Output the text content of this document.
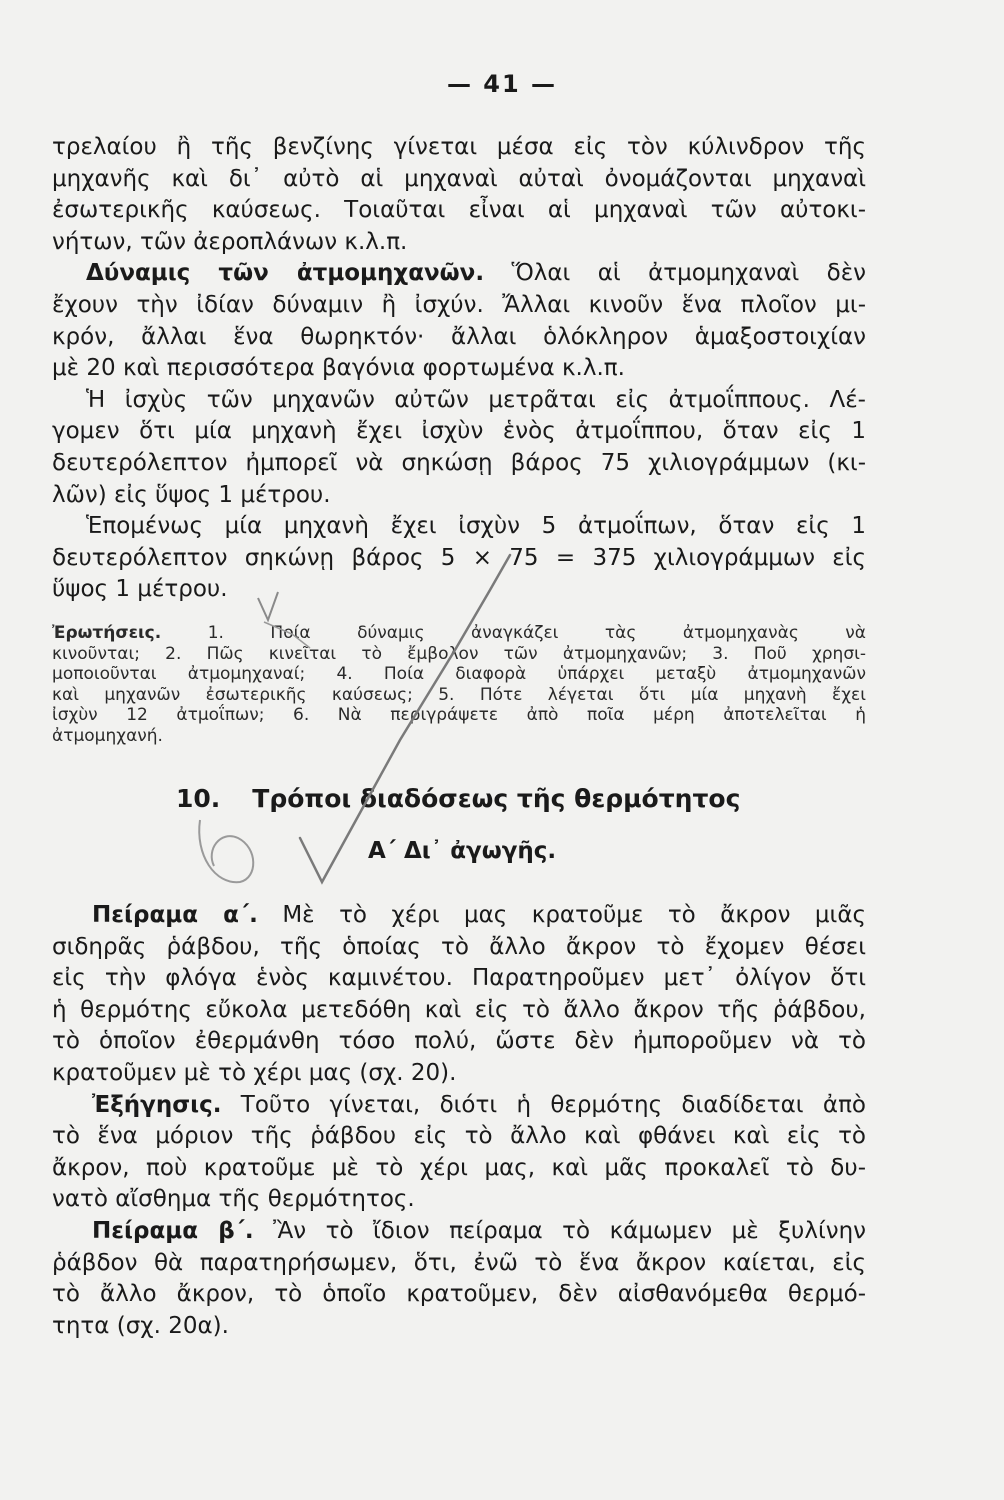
— 41 —
τρελαίου ἢ τῆς βενζίνης γίνεται μέσα εἰς τὸν κύλινδρον τῆς
μηχανῆς καὶ δι᾽ αὐτὸ αἱ μηχαναὶ αὐταὶ ὀνομάζονται μηχαναὶ
ἐσωτερικῆς καύσεως. Τοιαῦται εἶναι αἱ μηχαναὶ τῶν αὐτοκι-
νήτων, τῶν ἀεροπλάνων κ.λ.π.
Δύναμις τῶν ἀτμομηχανῶν. Ὅλαι αἱ ἀτμομηχαναὶ δὲν
ἔχουν τὴν ἰδίαν δύναμιν ἢ ἰσχύν. Ἄλλαι κινοῦν ἕνα πλοῖον μι-
κρόν, ἄλλαι ἕνα θωρηκτόν· ἄλλαι ὁλόκληρον ἁμαξοστοιχίαν
μὲ 20 καὶ περισσότερα βαγόνια φορτωμένα κ.λ.π.
Ἡ ἰσχὺς τῶν μηχανῶν αὐτῶν μετρᾶται εἰς ἀτμοΐππους. Λέ-
γομεν ὅτι μία μηχανὴ ἔχει ἰσχὺν ἑνὸς ἀτμοΐππου, ὅταν εἰς 1
δευτερόλεπτον ἠμπορεῖ νὰ σηκώσῃ βάρος 75 χιλιογράμμων (κι-
λῶν) εἰς ὕψος 1 μέτρου.
Ἑπομένως μία μηχανὴ ἔχει ἰσχὺν 5 ἀτμοΐπων, ὅταν εἰς 1
δευτερόλεπτον σηκώνῃ βάρος 5 × 75 = 375 χιλιογράμμων εἰς
ὕψος 1 μέτρου.
Ἐρωτήσεις. 1. Ποία δύναμις ἀναγκάζει τὰς ἀτμομηχανὰς νὰ
κινοῦνται; 2. Πῶς κινεῖται τὸ ἔμβολον τῶν ἀτμομηχανῶν; 3. Ποῦ χρησι-
μοποιοῦνται ἀτμομηχαναί; 4. Ποία διαφορὰ ὑπάρχει μεταξὺ ἀτμομηχανῶν
καὶ μηχανῶν ἐσωτερικῆς καύσεως; 5. Πότε λέγεται ὅτι μία μηχανὴ ἔχει
ἰσχὺν 12 ἀτμοΐπων; 6. Νὰ περιγράψετε ἀπὸ ποῖα μέρη ἀποτελεῖται ἡ
ἀτμομηχανή.
10. Τρόποι διαδόσεως τῆς θερμότητος
Α΄ Δι᾽ ἀγωγῆς.
Πείραμα α΄. Μὲ τὸ χέρι μας κρατοῦμε τὸ ἄκρον μιᾶς
σιδηρᾶς ῥάβδου, τῆς ὁποίας τὸ ἄλλο ἄκρον τὸ ἔχομεν θέσει
εἰς τὴν φλόγα ἑνὸς καμινέτου. Παρατηροῦμεν μετ᾽ ὀλίγον ὅτι
ἡ θερμότης εὔκολα μετεδόθη καὶ εἰς τὸ ἄλλο ἄκρον τῆς ῥάβδου,
τὸ ὁποῖον ἐθερμάνθη τόσο πολύ, ὥστε δὲν ἠμποροῦμεν νὰ τὸ
κρατοῦμεν μὲ τὸ χέρι μας (σχ. 20).
Ἐξήγησις. Τοῦτο γίνεται, διότι ἡ θερμότης διαδίδεται ἀπὸ
τὸ ἕνα μόριον τῆς ῥάβδου εἰς τὸ ἄλλο καὶ φθάνει καὶ εἰς τὸ
ἄκρον, ποὺ κρατοῦμε μὲ τὸ χέρι μας, καὶ μᾶς προκαλεῖ τὸ δυ-
νατὸ αἴσθημα τῆς θερμότητος.
Πείραμα β΄. Ἂν τὸ ἴδιον πείραμα τὸ κάμωμεν μὲ ξυλίνην
ῥάβδον θὰ παρατηρήσωμεν, ὅτι, ἐνῶ τὸ ἕνα ἄκρον καίεται, εἰς
τὸ ἄλλο ἄκρον, τὸ ὁποῖο κρατοῦμεν, δὲν αἰσθανόμεθα θερμό-
τητα (σχ. 20α).
